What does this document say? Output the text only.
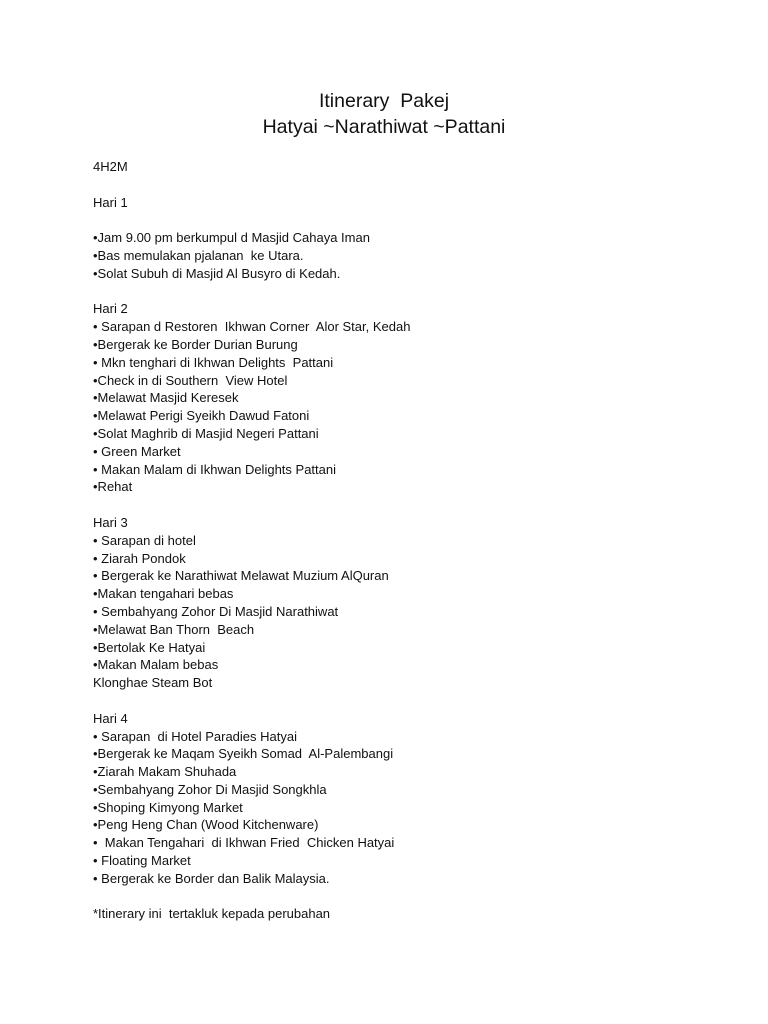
Itinerary  Pakej
Hatyai ~Narathiwat ~Pattani
4H2M
Hari 1
•Jam 9.00 pm berkumpul d Masjid Cahaya Iman
•Bas memulakan pjalanan  ke Utara.
•Solat Subuh di Masjid Al Busyro di Kedah.
Hari 2
• Sarapan d Restoren  Ikhwan Corner  Alor Star, Kedah
•Bergerak ke Border Durian Burung
• Mkn tenghari di Ikhwan Delights  Pattani
•Check in di Southern  View Hotel
•Melawat Masjid Keresek
•Melawat Perigi Syeikh Dawud Fatoni
•Solat Maghrib di Masjid Negeri Pattani
• Green Market
• Makan Malam di Ikhwan Delights Pattani
•Rehat
Hari 3
• Sarapan di hotel
• Ziarah Pondok
• Bergerak ke Narathiwat Melawat Muzium AlQuran
•Makan tengahari bebas
• Sembahyang Zohor Di Masjid Narathiwat
•Melawat Ban Thorn  Beach
•Bertolak Ke Hatyai
•Makan Malam bebas
Klonghae Steam Bot
Hari 4
• Sarapan  di Hotel Paradies Hatyai
•Bergerak ke Maqam Syeikh Somad  Al-Palembangi
•Ziarah Makam Shuhada
•Sembahyang Zohor Di Masjid Songkhla
•Shoping Kimyong Market
•Peng Heng Chan (Wood Kitchenware)
•  Makan Tengahari  di Ikhwan Fried  Chicken Hatyai
• Floating Market
• Bergerak ke Border dan Balik Malaysia.
*Itinerary ini  tertakluk kepada perubahan
